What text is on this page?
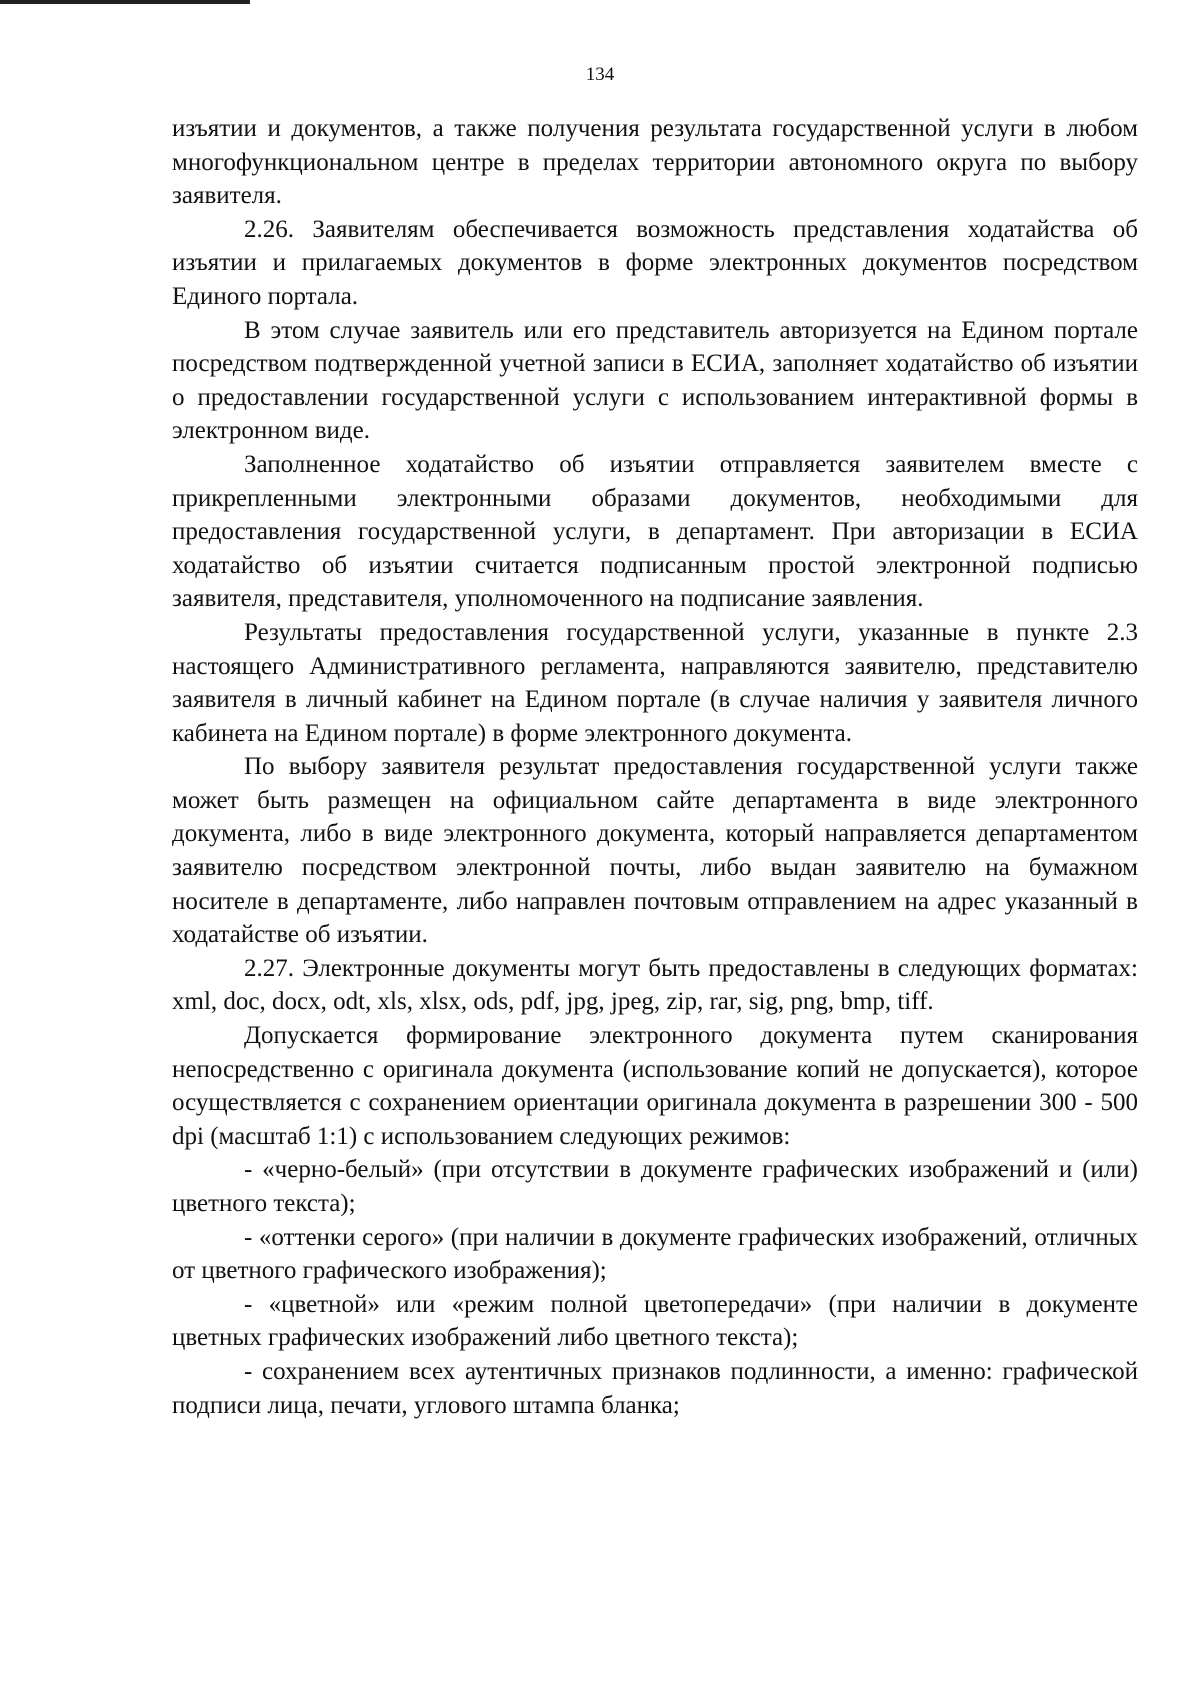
134

изъятии и документов, а также получения результата государственной услуги в любом многофункциональном центре в пределах территории автономного округа по выбору заявителя.

2.26. Заявителям обеспечивается возможность представления ходатайства об изъятии и прилагаемых документов в форме электронных документов посредством Единого портала.

В этом случае заявитель или его представитель авторизуется на Едином портале посредством подтвержденной учетной записи в ЕСИА, заполняет ходатайство об изъятии о предоставлении государственной услуги с использованием интерактивной формы в электронном виде.

Заполненное ходатайство об изъятии отправляется заявителем вместе с прикрепленными электронными образами документов, необходимыми для предоставления государственной услуги, в департамент. При авторизации в ЕСИА ходатайство об изъятии считается подписанным простой электронной подписью заявителя, представителя, уполномоченного на подписание заявления.

Результаты предоставления государственной услуги, указанные в пункте 2.3 настоящего Административного регламента, направляются заявителю, представителю заявителя в личный кабинет на Едином портале (в случае наличия у заявителя личного кабинета на Едином портале) в форме электронного документа.

По выбору заявителя результат предоставления государственной услуги также может быть размещен на официальном сайте департамента в виде электронного документа, либо в виде электронного документа, который направляется департаментом заявителю посредством электронной почты, либо выдан заявителю на бумажном носителе в департаменте, либо направлен почтовым отправлением на адрес указанный в ходатайстве об изъятии.

2.27. Электронные документы могут быть предоставлены в следующих форматах: xml, doc, docx, odt, xls, xlsx, ods, pdf, jpg, jpeg, zip, rar, sig, png, bmp, tiff.

Допускается формирование электронного документа путем сканирования непосредственно с оригинала документа (использование копий не допускается), которое осуществляется с сохранением ориентации оригинала документа в разрешении 300 - 500 dpi (масштаб 1:1) с использованием следующих режимов:

- «черно-белый» (при отсутствии в документе графических изображений и (или) цветного текста);

- «оттенки серого» (при наличии в документе графических изображений, отличных от цветного графического изображения);

- «цветной» или «режим полной цветопередачи» (при наличии в документе цветных графических изображений либо цветного текста);

- сохранением всех аутентичных признаков подлинности, а именно: графической подписи лица, печати, углового штампа бланка;
